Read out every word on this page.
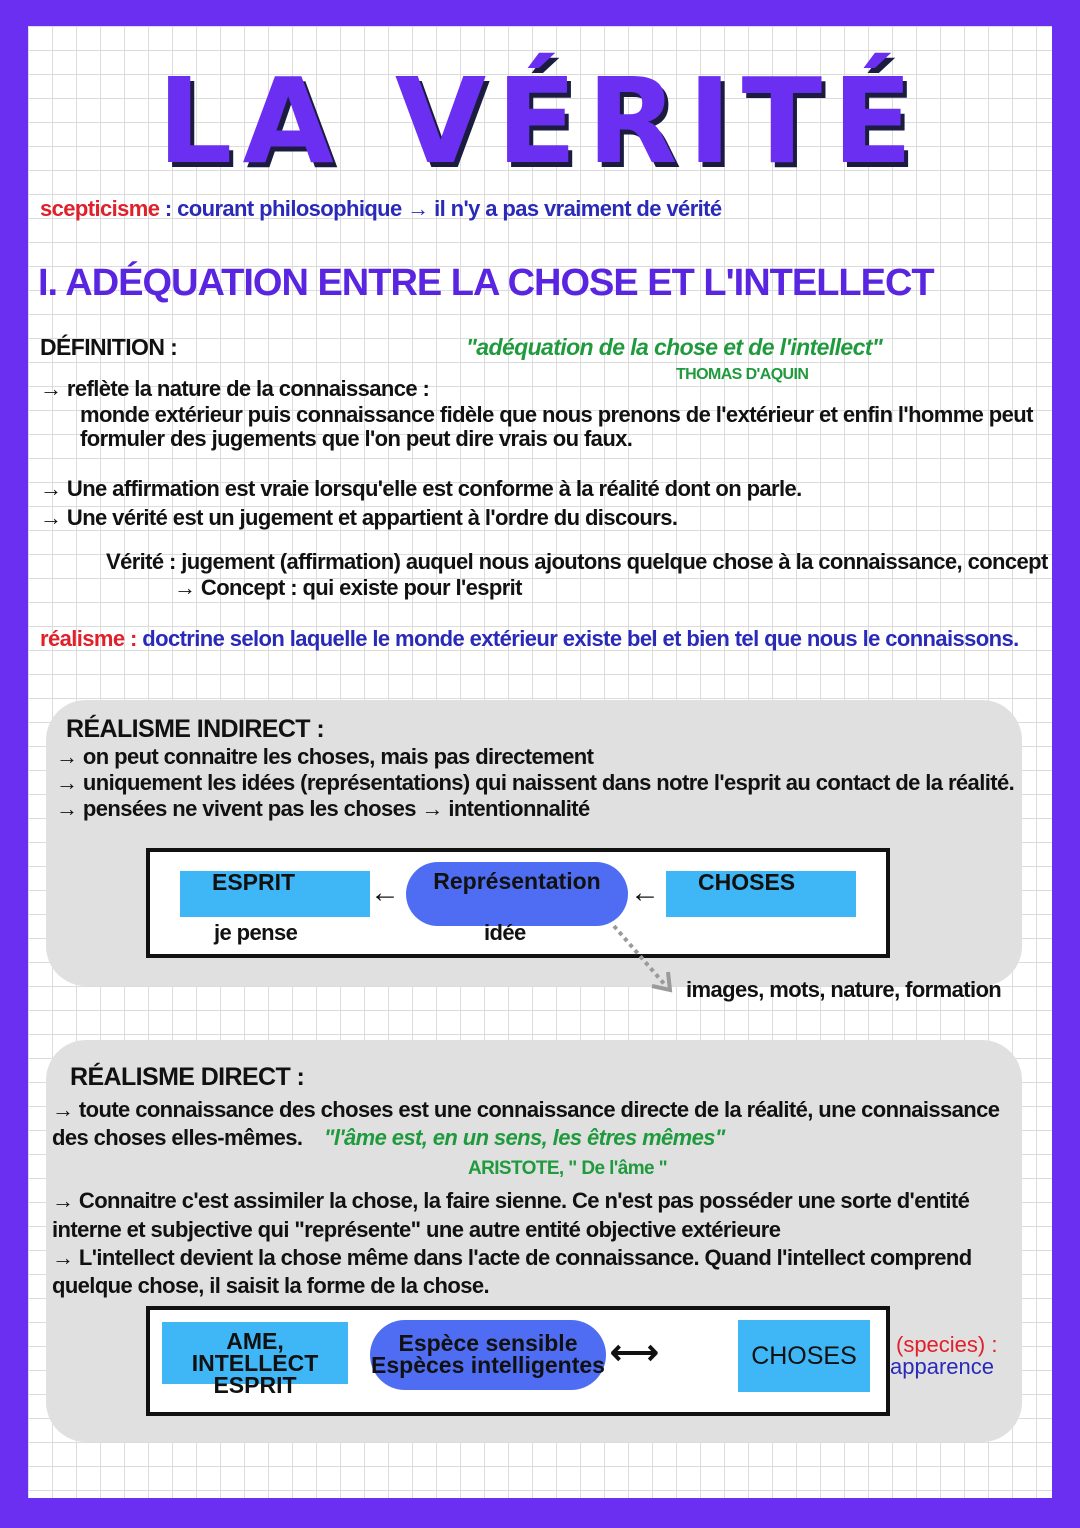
LA VÉRITÉ
scepticisme : courant philosophique → il n'y a pas vraiment de vérité
I. ADÉQUATION ENTRE LA CHOSE ET L'INTELLECT
DÉFINITION :	"adéquation de la chose et de l'intellect"
THOMAS D'AQUIN
→ reflète la nature de la connaissance :
monde extérieur puis connaissance fidèle que nous prenons de l'extérieur et enfin l'homme peut
formuler des jugements que l'on peut dire vrais ou faux.
→ Une affirmation est vraie lorsqu'elle est conforme à la réalité dont on parle.
→ Une vérité est un jugement et appartient à l'ordre du discours.
Vérité : jugement (affirmation) auquel nous ajoutons quelque chose à la connaissance, concept
→ Concept : qui existe pour l'esprit
réalisme : doctrine selon laquelle le monde extérieur existe bel et bien tel que nous le connaissons.
RÉALISME INDIRECT :
→ on peut connaitre les choses, mais pas directement
→ uniquement les idées (représentations) qui naissent dans notre l'esprit au contact de la réalité.
→ pensées ne vivent pas les choses → intentionnalité
ESPRIT
je pense
←	Représentation
idée
←	CHOSES
images, mots, nature, formation
RÉALISME DIRECT :
→ toute connaissance des choses est une connaissance directe de la réalité, une connaissance
des choses elles-mêmes. "l'âme est, en un sens, les êtres mêmes"
ARISTOTE, " De l'âme "
→ Connaitre c'est assimiler la chose, la faire sienne. Ce n'est pas posséder une sorte d'entité
interne et subjective qui "représente" une autre entité objective extérieure
→ L'intellect devient la chose même dans l'acte de connaissance. Quand l'intellect comprend
quelque chose, il saisit la forme de la chose.
AME, INTELLECT
ESPRIT
Espèce sensible
Espèces intelligentes ⟷	CHOSES	(species) :
apparence
